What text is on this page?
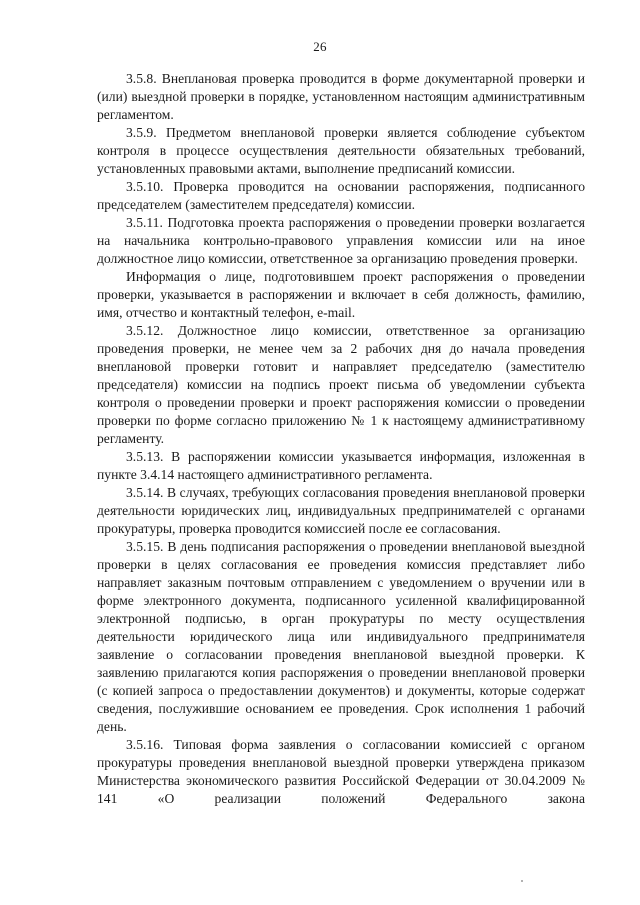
26

3.5.8. Внеплановая проверка проводится в форме документарной проверки и (или) выездной проверки в порядке, установленном настоящим административным регламентом.

3.5.9. Предметом внеплановой проверки является соблюдение субъектом контроля в процессе осуществления деятельности обязательных требований, установленных правовыми актами, выполнение предписаний комиссии.

3.5.10. Проверка проводится на основании распоряжения, подписанного председателем (заместителем председателя) комиссии.

3.5.11. Подготовка проекта распоряжения о проведении проверки возлагается на начальника контрольно-правового управления комиссии или на иное должностное лицо комиссии, ответственное за организацию проведения проверки.

Информация о лице, подготовившем проект распоряжения о проведении проверки, указывается в распоряжении и включает в себя должность, фамилию, имя, отчество и контактный телефон, e-mail.

3.5.12. Должностное лицо комиссии, ответственное за организацию проведения проверки, не менее чем за 2 рабочих дня до начала проведения внеплановой проверки готовит и направляет председателю (заместителю председателя) комиссии на подпись проект письма об уведомлении субъекта контроля о проведении проверки и проект распоряжения комиссии о проведении проверки по форме согласно приложению № 1 к настоящему административному регламенту.

3.5.13. В распоряжении комиссии указывается информация, изложенная в пункте 3.4.14 настоящего административного регламента.

3.5.14. В случаях, требующих согласования проведения внеплановой проверки деятельности юридических лиц, индивидуальных предпринимателей с органами прокуратуры, проверка проводится комиссией после ее согласования.

3.5.15. В день подписания распоряжения о проведении внеплановой выездной проверки в целях согласования ее проведения комиссия представляет либо направляет заказным почтовым отправлением с уведомлением о вручении или в форме электронного документа, подписанного усиленной квалифицированной электронной подписью, в орган прокуратуры по месту осуществления деятельности юридического лица или индивидуального предпринимателя заявление о согласовании проведения внеплановой выездной проверки. К заявлению прилагаются копия распоряжения о проведении внеплановой проверки (с копией запроса о предоставлении документов) и документы, которые содержат сведения, послужившие основанием ее проведения. Срок исполнения 1 рабочий день.

3.5.16. Типовая форма заявления о согласовании комиссией с органом прокуратуры проведения внеплановой выездной проверки утверждена приказом Министерства экономического развития Российской Федерации от 30.04.2009 № 141 «О реализации положений Федерального закона
